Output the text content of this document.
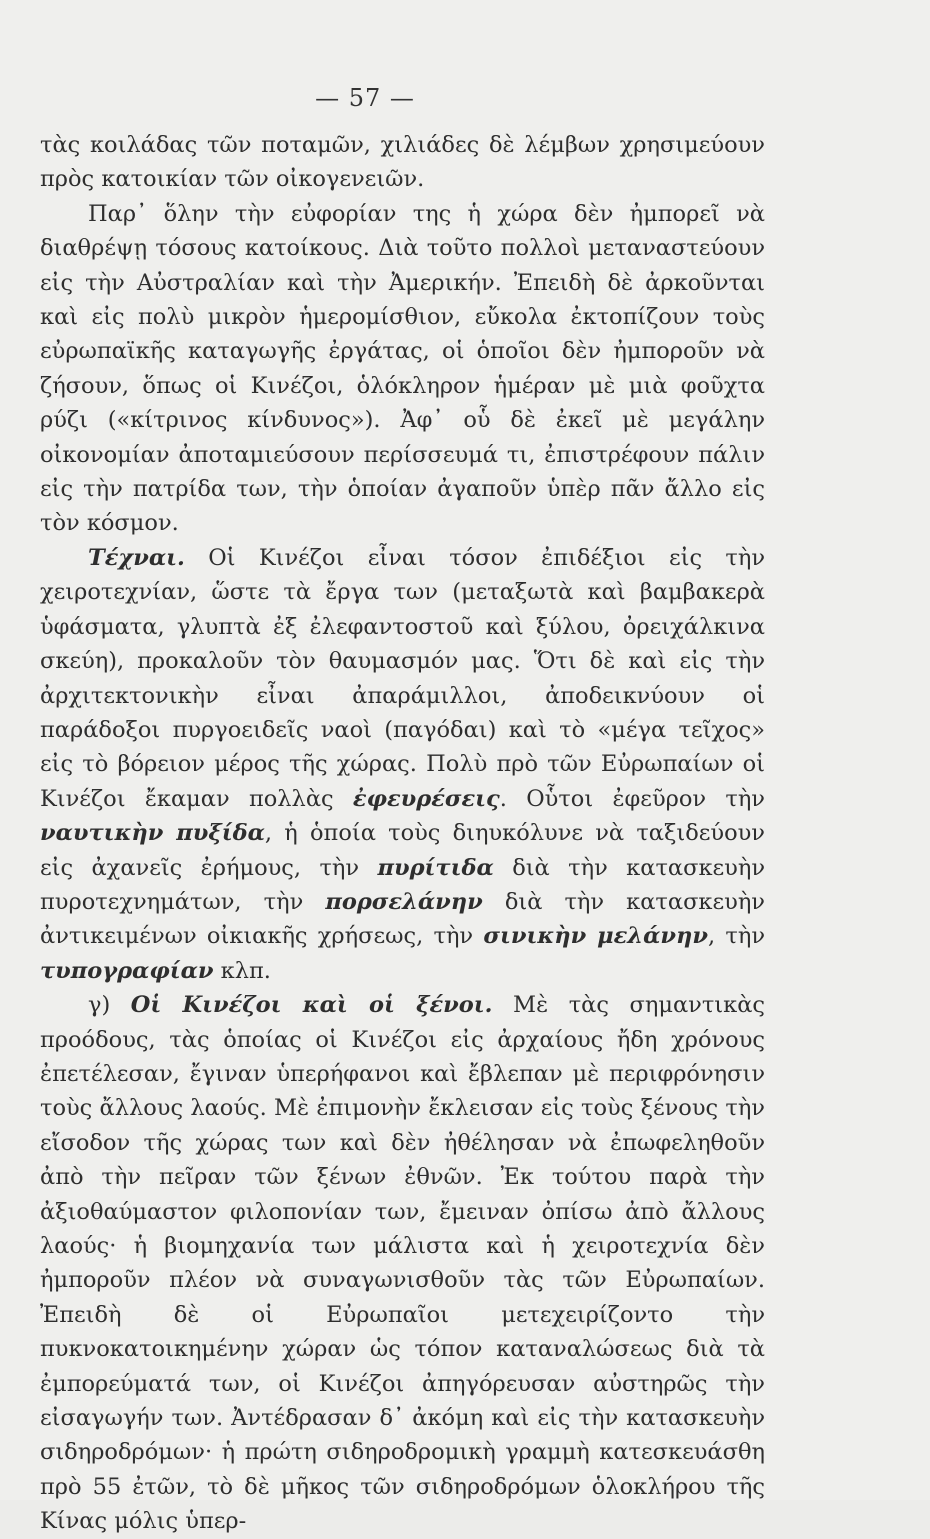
— 57 —

τὰς κοιλάδας τῶν ποταμῶν, χιλιάδες δὲ λέμβων χρησιμεύουν πρὸς κατοικίαν τῶν οἰκογενειῶν.

Παρ᾿ ὅλην τὴν εὐφορίαν της ἡ χώρα δὲν ἠμπορεῖ νὰ διαθρέψῃ τόσους κατοίκους. Διὰ τοῦτο πολλοὶ μεταναστεύουν εἰς τὴν Αὐστραλίαν καὶ τὴν Ἀμερικήν. Ἐπειδὴ δὲ ἀρκοῦνται καὶ εἰς πολὺ μικρὸν ἡμερομίσθιον, εὔκολα ἐκτοπίζουν τοὺς εὐρωπαϊκῆς καταγωγῆς ἐργάτας, οἱ ὁποῖοι δὲν ἠμποροῦν νὰ ζήσουν, ὅπως οἱ Κινέζοι, ὁλόκληρον ἡμέραν μὲ μιὰ φοῦχτα ρύζι («κίτρινος κίνδυνος»). Ἀφ᾿ οὗ δὲ ἐκεῖ μὲ μεγάλην οἰκονομίαν ἀποταμιεύσουν περίσσευμά τι, ἐπιστρέφουν πάλιν εἰς τὴν πατρίδα των, τὴν ὁποίαν ἀγαποῦν ὑπὲρ πᾶν ἄλλο εἰς τὸν κόσμον.

Τέχναι. Οἱ Κινέζοι εἶναι τόσον ἐπιδέξιοι εἰς τὴν χειροτεχνίαν, ὥστε τὰ ἔργα των (μεταξωτὰ καὶ βαμβακερὰ ὑφάσματα, γλυπτὰ ἐξ ἐλεφαντοστοῦ καὶ ξύλου, ὀρειχάλκινα σκεύη), προκαλοῦν τὸν θαυμασμόν μας. Ὅτι δὲ καὶ εἰς τὴν ἀρχιτεκτονικὴν εἶναι ἀπαράμιλλοι, ἀποδεικνύουν οἱ παράδοξοι πυργοειδεῖς ναοὶ (παγόδαι) καὶ τὸ «μέγα τεῖχος» εἰς τὸ βόρειον μέρος τῆς χώρας. Πολὺ πρὸ τῶν Εὐρωπαίων οἱ Κινέζοι ἔκαμαν πολλὰς ἐφευρέσεις. Οὗτοι ἐφεῦρον τὴν ναυτικὴν πυξίδα, ἡ ὁποία τοὺς διηυκόλυνε νὰ ταξιδεύουν εἰς ἀχανεῖς ἐρήμους, τὴν πυρίτιδα διὰ τὴν κατασκευὴν πυροτεχνημάτων, τὴν πορσελάνην διὰ τὴν κατασκευὴν ἀντικειμένων οἰκιακῆς χρήσεως, τὴν σινικὴν μελάνην, τὴν τυπογραφίαν κλπ.

γ) Οἱ Κινέζοι καὶ οἱ ξένοι. Μὲ τὰς σημαντικὰς προόδους, τὰς ὁποίας οἱ Κινέζοι εἰς ἀρχαίους ἤδη χρόνους ἐπετέλεσαν, ἔγιναν ὑπερήφανοι καὶ ἔβλεπαν μὲ περιφρόνησιν τοὺς ἄλλους λαούς. Μὲ ἐπιμονὴν ἔκλεισαν εἰς τοὺς ξένους τὴν εἴσοδον τῆς χώρας των καὶ δὲν ἠθέλησαν νὰ ἐπωφεληθοῦν ἀπὸ τὴν πεῖραν τῶν ξένων ἐθνῶν. Ἐκ τούτου παρὰ τὴν ἀξιοθαύμαστον φιλοπονίαν των, ἔμειναν ὀπίσω ἀπὸ ἄλλους λαούς· ἡ βιομηχανία των μάλιστα καὶ ἡ χειροτεχνία δὲν ἠμποροῦν πλέον νὰ συναγωνισθοῦν τὰς τῶν Εὐρωπαίων. Ἐπειδὴ δὲ οἱ Εὐρωπαῖοι μετεχειρίζοντο τὴν πυκνοκατοικημένην χώραν ὡς τόπον καταναλώσεως διὰ τὰ ἐμπορεύματά των, οἱ Κινέζοι ἀπηγόρευσαν αὐστηρῶς τὴν εἰσαγωγήν των. Ἀντέδρασαν δ᾿ ἀκόμη καὶ εἰς τὴν κατασκευὴν σιδηροδρόμων· ἡ πρώτη σιδηροδρομικὴ γραμμὴ κατεσκευάσθη πρὸ 55 ἐτῶν, τὸ δὲ μῆκος τῶν σιδηροδρόμων ὁλοκλήρου τῆς Κίνας μόλις ὑπερ-
